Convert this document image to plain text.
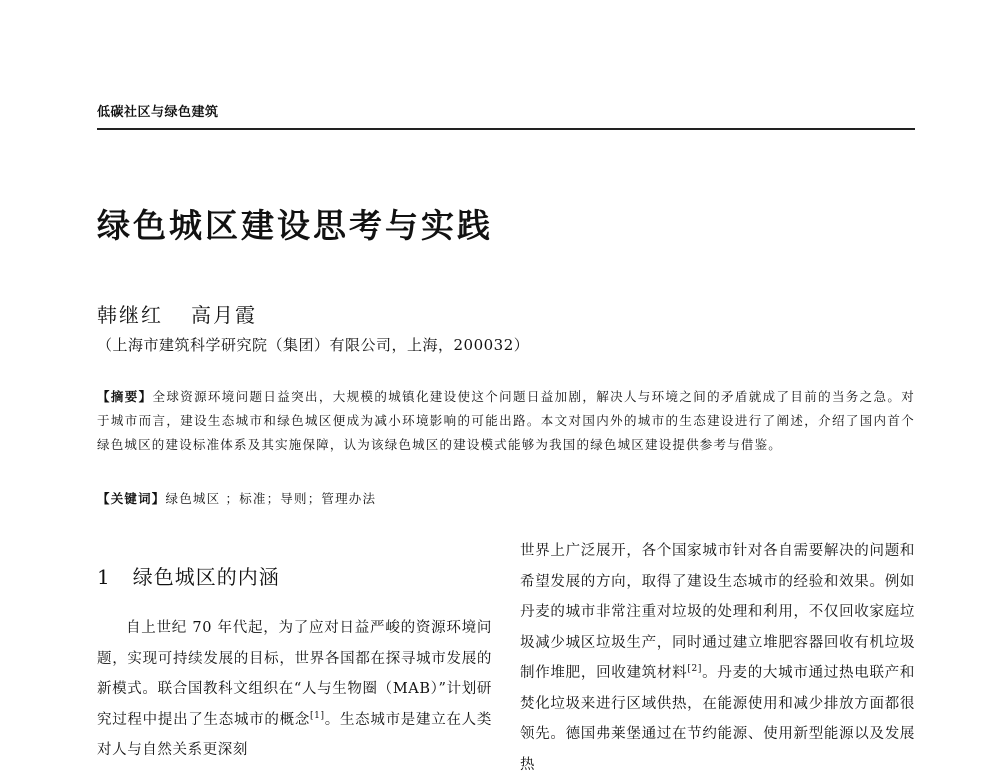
低碳社区与绿色建筑
绿色城区建设思考与实践
韩继红 高月霞
（上海市建筑科学研究院（集团）有限公司，上海，200032）
【摘要】全球资源环境问题日益突出，大规模的城镇化建设使这个问题日益加剧，解决人与环境之间的矛盾就成了目前的当务之急。对于城市而言，建设生态城市和绿色城区便成为减小环境影响的可能出路。本文对国内外的城市的生态建设进行了阐述，介绍了国内首个绿色城区的建设标准体系及其实施保障，认为该绿色城区的建设模式能够为我国的绿色城区建设提供参考与借鉴。
【关键词】绿色城区 ；标准；导则；管理办法
1 绿色城区的内涵
自上世纪 70 年代起，为了应对日益严峻的资源环境问题，实现可持续发展的目标，世界各国都在探寻城市发展的新模式。联合国教科文组织在“人与生物圈（MAB）”计划研究过程中提出了生态城市的概念[1]。生态城市是建立在人类对人与自然关系更深刻
世界上广泛展开，各个国家城市针对各自需要解决的问题和希望发展的方向，取得了建设生态城市的经验和效果。例如丹麦的城市非常注重对垃圾的处理和利用，不仅回收家庭垃圾减少城区垃圾生产，同时通过建立堆肥容器回收有机垃圾制作堆肥，回收建筑材料[2]。丹麦的大城市通过热电联产和焚化垃圾来进行区域供热，在能源使用和减少排放方面都很领先。德国弗莱堡通过在节约能源、使用新型能源以及发展热
